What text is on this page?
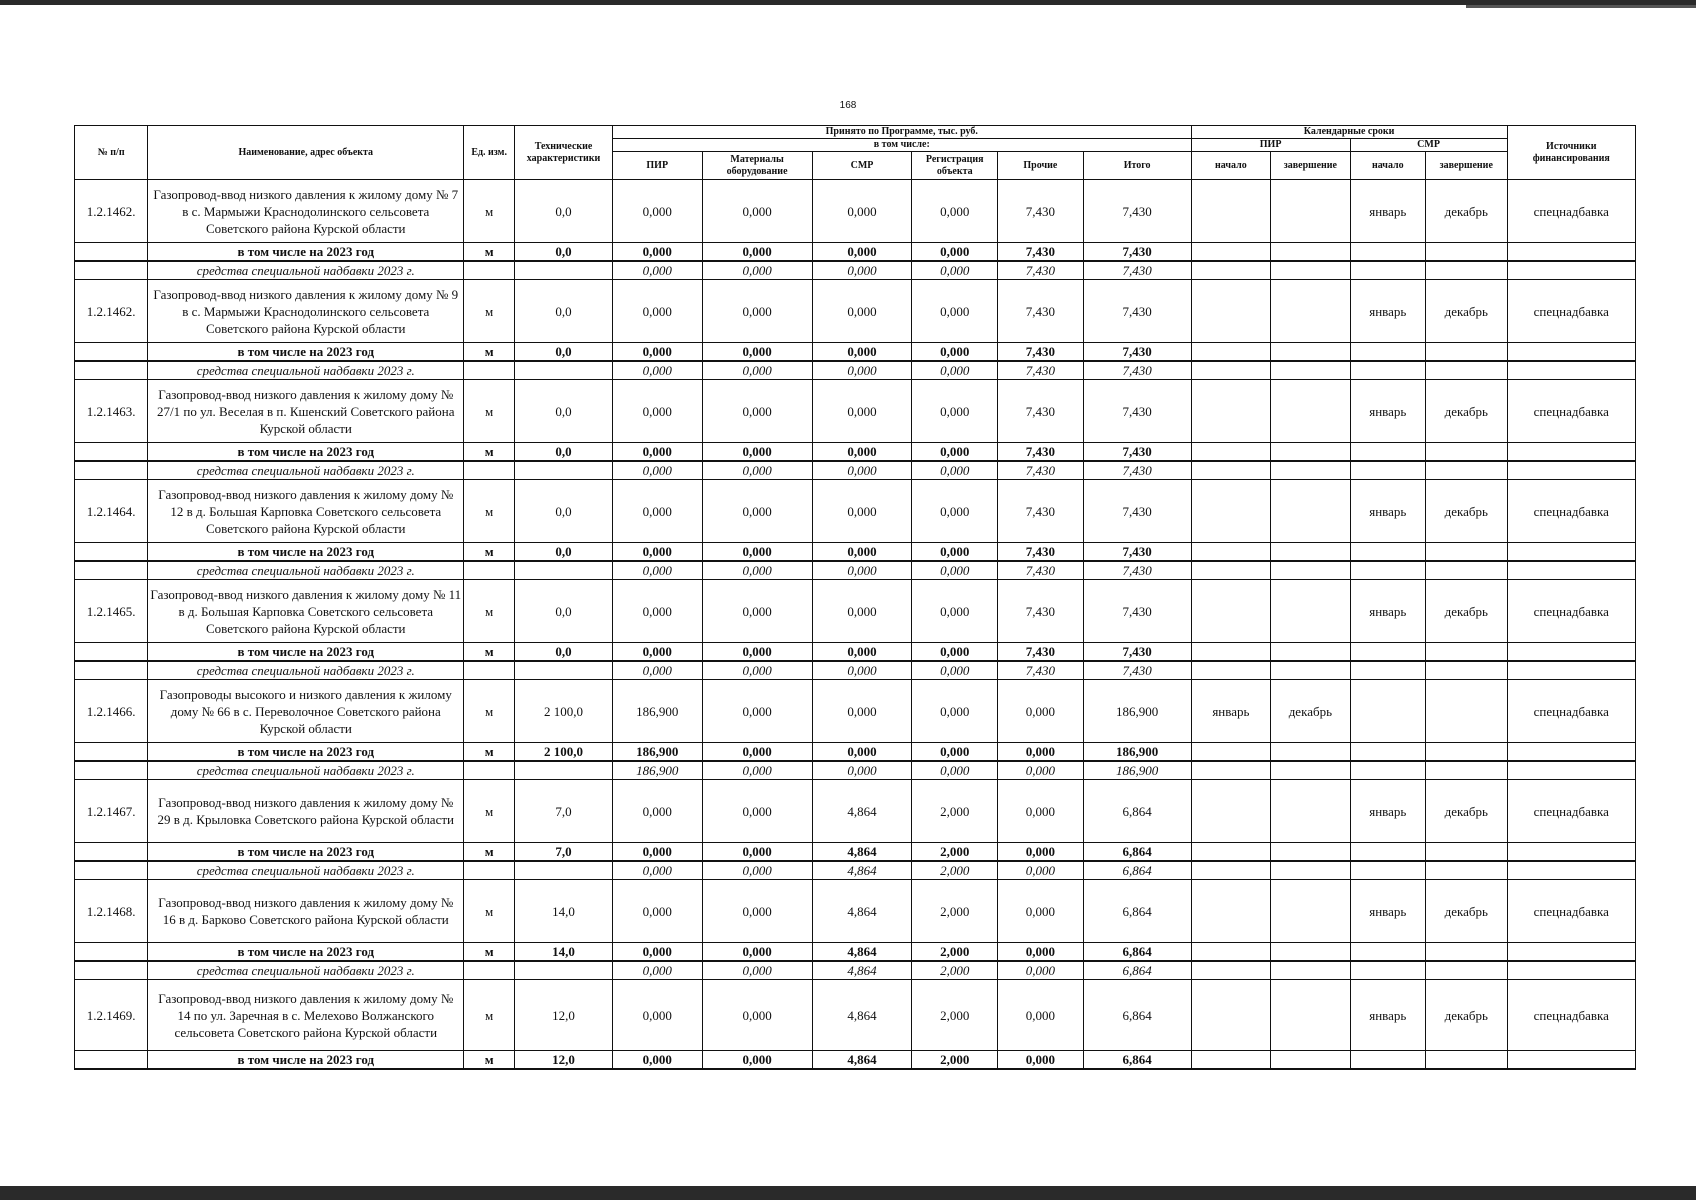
168
№ п/п	Наименование, адрес объекта	Ед. изм.	Технические характеристики	Принято по Программе, тыс. руб.						Календарные сроки				Источники финансирования
				в том числе:						ПИР		СМР		
				ПИР	Материалы оборудование	СМР	Регистрация объекта	Прочие	Итого	начало	завершение	начало	завершение	
1.2.1462.	Газопровод-ввод низкого давления к жилому дому № 7 в с. Мармыжи Краснодолинского сельсовета Советского района Курской области	м	0,0	0,000	0,000	0,000	0,000	7,430	7,430			январь	декабрь	спецнадбавка
	в том числе на 2023 год	м	0,0	0,000	0,000	0,000	0,000	7,430	7,430					
	средства специальной надбавки 2023 г.			0,000	0,000	0,000	0,000	7,430	7,430					
1.2.1462.	Газопровод-ввод низкого давления к жилому дому № 9 в с. Мармыжи Краснодолинского сельсовета Советского района Курской области	м	0,0	0,000	0,000	0,000	0,000	7,430	7,430			январь	декабрь	спецнадбавка
	в том числе на 2023 год	м	0,0	0,000	0,000	0,000	0,000	7,430	7,430					
	средства специальной надбавки 2023 г.			0,000	0,000	0,000	0,000	7,430	7,430					
1.2.1463.	Газопровод-ввод низкого давления к жилому дому № 27/1 по ул. Веселая в п. Кшенский Советского района Курской области	м	0,0	0,000	0,000	0,000	0,000	7,430	7,430			январь	декабрь	спецнадбавка
	в том числе на 2023 год	м	0,0	0,000	0,000	0,000	0,000	7,430	7,430					
	средства специальной надбавки 2023 г.			0,000	0,000	0,000	0,000	7,430	7,430					
1.2.1464.	Газопровод-ввод низкого давления к жилому дому № 12 в д. Большая Карповка Советского сельсовета Советского района Курской области	м	0,0	0,000	0,000	0,000	0,000	7,430	7,430			январь	декабрь	спецнадбавка
	в том числе на 2023 год	м	0,0	0,000	0,000	0,000	0,000	7,430	7,430					
	средства специальной надбавки 2023 г.			0,000	0,000	0,000	0,000	7,430	7,430					
1.2.1465.	Газопровод-ввод низкого давления к жилому дому № 11 в д. Большая Карповка Советского сельсовета Советского района Курской области	м	0,0	0,000	0,000	0,000	0,000	7,430	7,430			январь	декабрь	спецнадбавка
	в том числе на 2023 год	м	0,0	0,000	0,000	0,000	0,000	7,430	7,430					
	средства специальной надбавки 2023 г.			0,000	0,000	0,000	0,000	7,430	7,430					
1.2.1466.	Газопроводы высокого и низкого давления к жилому дому № 66 в с. Переволочное Советского района Курской области	м	2 100,0	186,900	0,000	0,000	0,000	0,000	186,900	январь	декабрь			спецнадбавка
	в том числе на 2023 год	м	2 100,0	186,900	0,000	0,000	0,000	0,000	186,900					
	средства специальной надбавки 2023 г.			186,900	0,000	0,000	0,000	0,000	186,900					
1.2.1467.	Газопровод-ввод низкого давления к жилому дому № 29 в д. Крыловка Советского района Курской области	м	7,0	0,000	0,000	4,864	2,000	0,000	6,864			январь	декабрь	спецнадбавка
	в том числе на 2023 год	м	7,0	0,000	0,000	4,864	2,000	0,000	6,864					
	средства специальной надбавки 2023 г.			0,000	0,000	4,864	2,000	0,000	6,864					
1.2.1468.	Газопровод-ввод низкого давления к жилому дому № 16 в д. Барково Советского района Курской области	м	14,0	0,000	0,000	4,864	2,000	0,000	6,864			январь	декабрь	спецнадбавка
	в том числе на 2023 год	м	14,0	0,000	0,000	4,864	2,000	0,000	6,864					
	средства специальной надбавки 2023 г.			0,000	0,000	4,864	2,000	0,000	6,864					
1.2.1469.	Газопровод-ввод низкого давления к жилому дому № 14 по ул. Заречная в с. Мелехово Волжанского сельсовета Советского района Курской области	м	12,0	0,000	0,000	4,864	2,000	0,000	6,864			январь	декабрь	спецнадбавка
	в том числе на 2023 год	м	12,0	0,000	0,000	4,864	2,000	0,000	6,864					
